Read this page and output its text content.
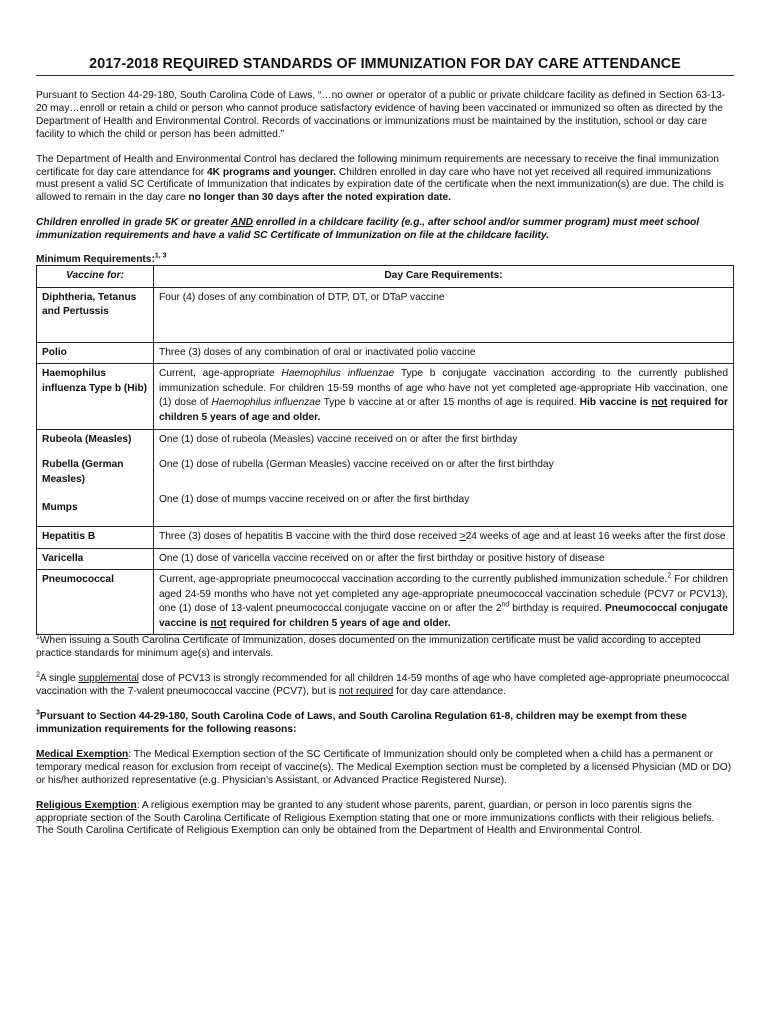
2017-2018 REQUIRED STANDARDS OF IMMUNIZATION FOR DAY CARE ATTENDANCE

Pursuant to Section 44-29-180, South Carolina Code of Laws, “…no owner or operator of a public or private childcare facility as defined in Section 63-13-20 may…enroll or retain a child or person who cannot produce satisfactory evidence of having been vaccinated or immunized so often as directed by the Department of Health and Environmental Control. Records of vaccinations or immunizations must be maintained by the institution, school or day care facility to which the child or person has been admitted.”

The Department of Health and Environmental Control has declared the following minimum requirements are necessary to receive the final immunization certificate for day care attendance for 4K programs and younger. Children enrolled in day care who have not yet received all required immunizations must present a valid SC Certificate of Immunization that indicates by expiration date of the certificate when the next immunization(s) are due. The child is allowed to remain in the day care no longer than 30 days after the noted expiration date.

Children enrolled in grade 5K or greater AND enrolled in a childcare facility (e.g., after school and/or summer program) must meet school immunization requirements and have a valid SC Certificate of Immunization on file at the childcare facility.

Minimum Requirements:$^{1, 3}$
Vaccine for:	Day Care Requirements:
Diphtheria, Tetanus and Pertussis	Four (4) doses of any combination of DTP, DT, or DTaP vaccine
Polio	Three (3) doses of any combination of oral or inactivated polio vaccine
Haemophilus influenza Type b (Hib)	Current, age-appropriate Haemophilus influenzae Type b conjugate vaccination according to the currently published immunization schedule. For children 15-59 months of age who have not yet completed age-appropriate Hib vaccination, one (1) dose of Haemophilus influenzae Type b vaccine at or after 15 months of age is required. Hib vaccine is not required for children 5 years of age and older.
Rubeola (Measles)	One (1) dose of rubeola (Measles) vaccine received on or after the first birthday
Rubella (German Measles)	One (1) dose of rubella (German Measles) vaccine received on or after the first birthday
Mumps	One (1) dose of mumps vaccine received on or after the first birthday
Hepatitis B	Three (3) doses of hepatitis B vaccine with the third dose received >24 weeks of age and at least 16 weeks after the first dose
Varicella	One (1) dose of varicella vaccine received on or after the first birthday or positive history of disease
Pneumococcal	Current, age-appropriate pneumococcal vaccination according to the currently published immunization schedule.$^2$ For children aged 24-59 months who have not yet completed any age-appropriate pneumococcal vaccination schedule (PCV7 or PCV13), one (1) dose of 13-valent pneumococcal conjugate vaccine on or after the 2nd birthday is required. Pneumococcal conjugate vaccine is not required for children 5 years of age and older.

$^1$When issuing a South Carolina Certificate of Immunization, doses documented on the immunization certificate must be valid according to accepted practice standards for minimum age(s) and intervals.

$^2$A single supplemental dose of PCV13 is strongly recommended for all children 14-59 months of age who have completed age-appropriate pneumococcal vaccination with the 7-valent pneumococcal vaccine (PCV7), but is not required for day care attendance.

$^3$Pursuant to Section 44-29-180, South Carolina Code of Laws, and South Carolina Regulation 61-8, children may be exempt from these immunization requirements for the following reasons:

Medical Exemption: The Medical Exemption section of the SC Certificate of Immunization should only be completed when a child has a permanent or temporary medical reason for exclusion from receipt of vaccine(s). The Medical Exemption section must be completed by a licensed Physician (MD or DO) or his/her authorized representative (e.g. Physician’s Assistant, or Advanced Practice Registered Nurse).

Religious Exemption: A religious exemption may be granted to any student whose parents, parent, guardian, or person in loco parentis signs the appropriate section of the South Carolina Certificate of Religious Exemption stating that one or more immunizations conflicts with their religious beliefs. The South Carolina Certificate of Religious Exemption can only be obtained from the Department of Health and Environmental Control.
